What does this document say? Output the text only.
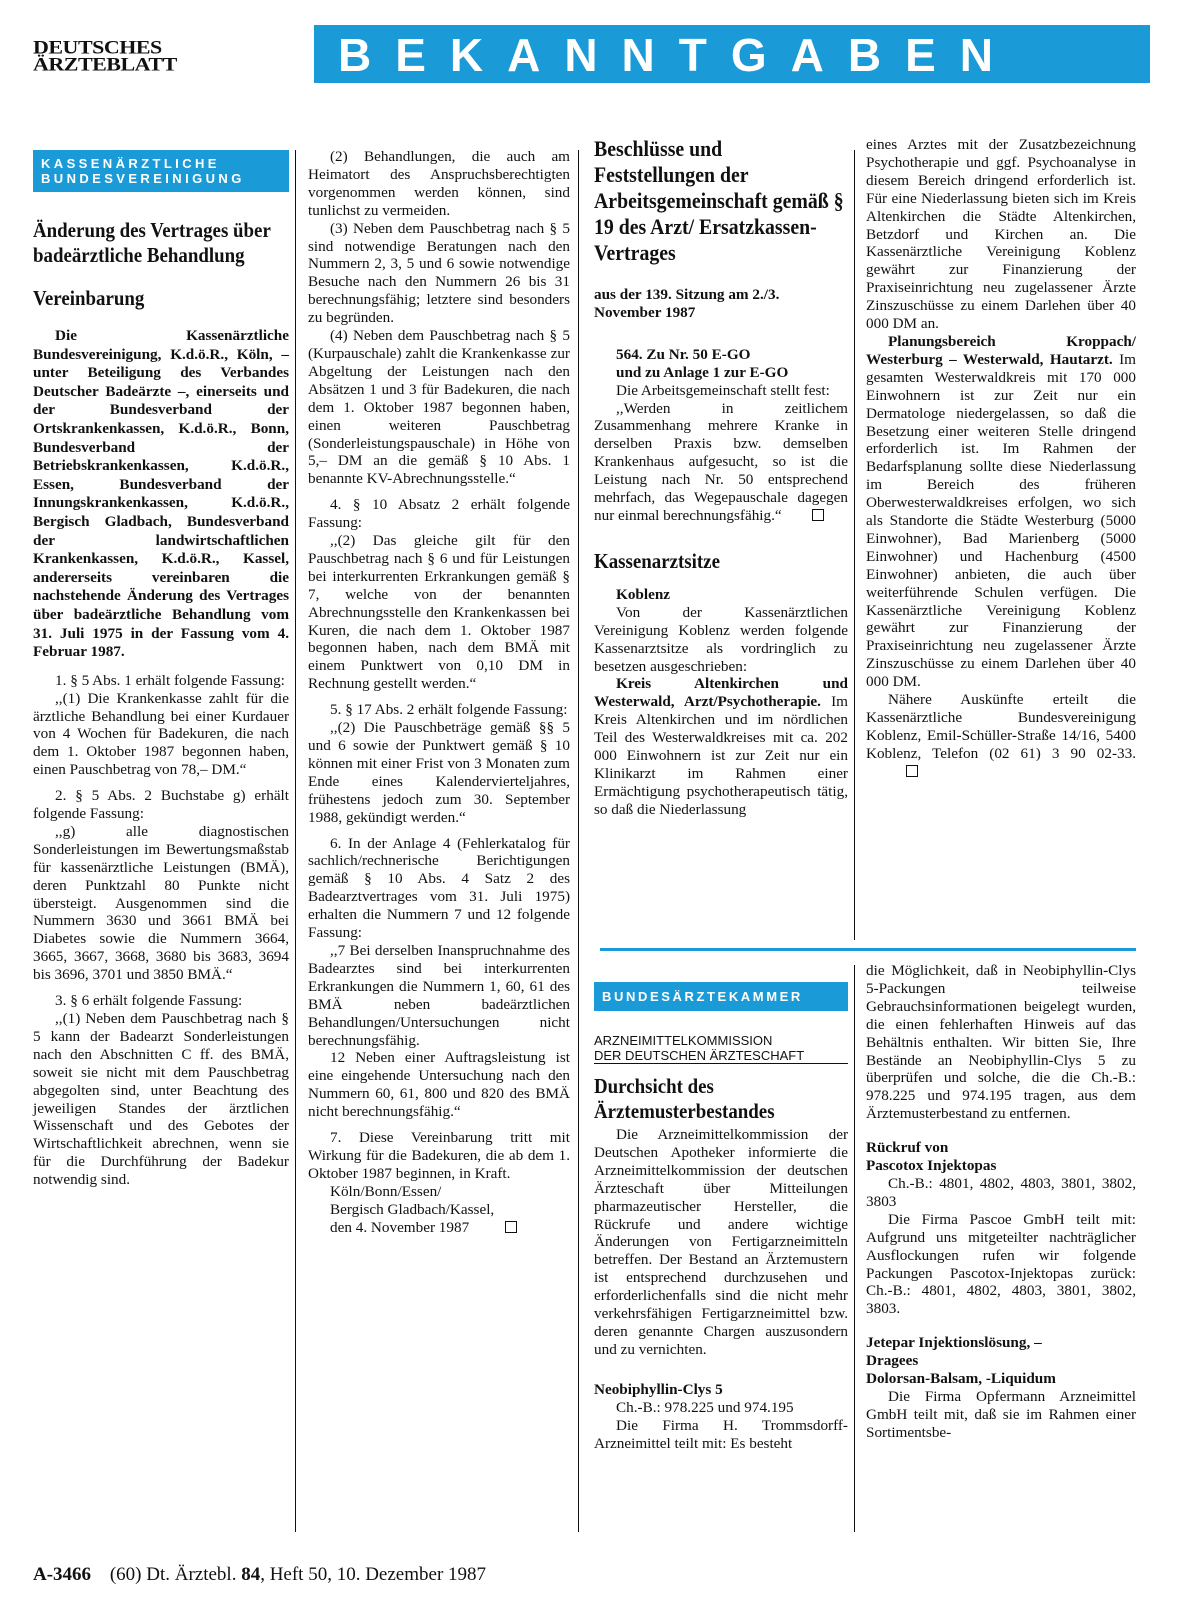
DEUTSCHES
ÄRZTEBLATT	BEKANNTGABEN
KASSENÄRZTLICHE
BUNDESVEREINIGUNG
Änderung des Vertrages über badeärztliche Behandlung
Vereinbarung

Die Kassenärztliche Bundesvereinigung, K.d.ö.R., Köln, – unter Beteiligung des Verbandes Deutscher Badeärzte –, einerseits und der Bundesverband der Ortskrankenkassen, K.d.ö.R., Bonn, Bundesverband der Betriebskrankenkassen, K.d.ö.R., Essen, Bundesverband der Innungskrankenkassen, K.d.ö.R., Bergisch Gladbach, Bundesverband der landwirtschaftlichen Krankenkassen, K.d.ö.R., Kassel, andererseits vereinbaren die nachstehende Änderung des Vertrages über badeärztliche Behandlung vom 31. Juli 1975 in der Fassung vom 4. Februar 1987.

1. § 5 Abs. 1 erhält folgende Fassung:

,,(1) Die Krankenkasse zahlt für die ärztliche Behandlung bei einer Kurdauer von 4 Wochen für Badekuren, die nach dem 1. Oktober 1987 begonnen haben, einen Pauschbetrag von 78,– DM.“

2. § 5 Abs. 2 Buchstabe g) erhält folgende Fassung:

,,g) alle diagnostischen Sonderleistungen im Bewertungsmaßstab für kassenärztliche Leistungen (BMÄ), deren Punktzahl 80 Punkte nicht übersteigt. Ausgenommen sind die Nummern 3630 und 3661 BMÄ bei Diabetes sowie die Nummern 3664, 3665, 3667, 3668, 3680 bis 3683, 3694 bis 3696, 3701 und 3850 BMÄ.“

3. § 6 erhält folgende Fassung:

,,(1) Neben dem Pauschbetrag nach § 5 kann der Badearzt Sonderleistungen nach den Abschnitten C ff. des BMÄ, soweit sie nicht mit dem Pauschbetrag abgegolten sind, unter Beachtung des jeweiligen Standes der ärztlichen Wissenschaft und des Gebotes der Wirtschaftlichkeit abrechnen, wenn sie für die Durchführung der Badekur notwendig sind.

(2) Behandlungen, die auch am Heimatort des Anspruchsberechtigten vorgenommen werden können, sind tunlichst zu vermeiden.

(3) Neben dem Pauschbetrag nach § 5 sind notwendige Beratungen nach den Nummern 2, 3, 5 und 6 sowie notwendige Besuche nach den Nummern 26 bis 31 berechnungsfähig; letztere sind besonders zu begründen.

(4) Neben dem Pauschbetrag nach § 5 (Kurpauschale) zahlt die Krankenkasse zur Abgeltung der Leistungen nach den Absätzen 1 und 3 für Badekuren, die nach dem 1. Oktober 1987 begonnen haben, einen weiteren Pauschbetrag (Sonderleistungspauschale) in Höhe von 5,– DM an die gemäß § 10 Abs. 1 benannte KV-Abrechnungsstelle.“

4. § 10 Absatz 2 erhält folgende Fassung:

,,(2) Das gleiche gilt für den Pauschbetrag nach § 6 und für Leistungen bei interkurrenten Erkrankungen gemäß § 7, welche von der benannten Abrechnungsstelle den Krankenkassen bei Kuren, die nach dem 1. Oktober 1987 begonnen haben, nach dem BMÄ mit einem Punktwert von 0,10 DM in Rechnung gestellt werden.“

5. § 17 Abs. 2 erhält folgende Fassung:

,,(2) Die Pauschbeträge gemäß §§ 5 und 6 sowie der Punktwert gemäß § 10 können mit einer Frist von 3 Monaten zum Ende eines Kalendervierteljahres, frühestens jedoch zum 30. September 1988, gekündigt werden.“

6. In der Anlage 4 (Fehlerkatalog für sachlich/rechnerische Berichtigungen gemäß § 10 Abs. 4 Satz 2 des Badearztvertrages vom 31. Juli 1975) erhalten die Nummern 7 und 12 folgende Fassung:

,,7 Bei derselben Inanspruchnahme des Badearztes sind bei interkurrenten Erkrankungen die Nummern 1, 60, 61 des BMÄ neben badeärztlichen Behandlungen/Untersuchungen nicht berechnungsfähig.

12 Neben einer Auftragsleistung ist eine eingehende Untersuchung nach den Nummern 60, 61, 800 und 820 des BMÄ nicht berechnungsfähig.“

7. Diese Vereinbarung tritt mit Wirkung für die Badekuren, die ab dem 1. Oktober 1987 beginnen, in Kraft.

Köln/Bonn/Essen/

Bergisch Gladbach/Kassel,

den 4. November 1987

Beschlüsse und Feststellungen der Arbeitsgemeinschaft gemäß § 19 des Arzt/ Ersatzkassen-Vertrages

aus der 139. Sitzung am 2./3. November 1987

564. Zu Nr. 50 E-GO

und zu Anlage 1 zur E-GO

Die Arbeitsgemeinschaft stellt fest:

,,Werden in zeitlichem Zusammenhang mehrere Kranke in derselben Praxis bzw. demselben Krankenhaus aufgesucht, so ist die Leistung nach Nr. 50 entsprechend mehrfach, das Wegepauschale dagegen nur einmal berechnungsfähig.“

Kassenarztsitze

Koblenz

Von der Kassenärztlichen Vereinigung Koblenz werden folgende Kassenarztsitze als vordringlich zu besetzen ausgeschrieben:

Kreis Altenkirchen und Westerwald, Arzt/Psychotherapie. Im Kreis Altenkirchen und im nördlichen Teil des Westerwaldkreises mit ca. 202 000 Einwohnern ist zur Zeit nur ein Klinikarzt im Rahmen einer Ermächtigung psychotherapeutisch tätig, so daß die Niederlassung

eines Arztes mit der Zusatzbezeichnung Psychotherapie und ggf. Psychoanalyse in diesem Bereich dringend erforderlich ist. Für eine Niederlassung bieten sich im Kreis Altenkirchen die Städte Altenkirchen, Betzdorf und Kirchen an. Die Kassenärztliche Vereinigung Koblenz gewährt zur Finanzierung der Praxiseinrichtung neu zugelassener Ärzte Zinszuschüsse zu einem Darlehen über 40 000 DM an.

Planungsbereich Kroppach/ Westerburg – Westerwald, Hautarzt. Im gesamten Westerwaldkreis mit 170 000 Einwohnern ist zur Zeit nur ein Dermatologe niedergelassen, so daß die Besetzung einer weiteren Stelle dringend erforderlich ist. Im Rahmen der Bedarfsplanung sollte diese Niederlassung im Bereich des früheren Oberwesterwaldkreises erfolgen, wo sich als Standorte die Städte Westerburg (5000 Einwohner), Bad Marienberg (5000 Einwohner) und Hachenburg (4500 Einwohner) anbieten, die auch über weiterführende Schulen verfügen. Die Kassenärztliche Vereinigung Koblenz gewährt zur Finanzierung der Praxiseinrichtung neu zugelassener Ärzte Zinszuschüsse zu einem Darlehen über 40 000 DM.

Nähere Auskünfte erteilt die Kassenärztliche Bundesvereinigung Koblenz, Emil-Schüller-Straße 14/16, 5400 Koblenz, Telefon (02 61) 3 90 02-33.

BUNDESÄRZTEKAMMER
ARZNEIMITTELKOMMISSION
DER DEUTSCHEN ÄRZTESCHAFT
Durchsicht des Ärztemusterbestandes

Die Arzneimittelkommission der Deutschen Apotheker informierte die Arzneimittelkommission der deutschen Ärzteschaft über Mitteilungen pharmazeutischer Hersteller, die Rückrufe und andere wichtige Änderungen von Fertigarzneimitteln betreffen. Der Bestand an Ärztemustern ist entsprechend durchzusehen und erforderlichenfalls sind die nicht mehr verkehrsfähigen Fertigarzneimittel bzw. deren genannte Chargen auszusondern und zu vernichten.

Neobiphyllin-Clys 5

Ch.-B.: 978.225 und 974.195

Die Firma H. Trommsdorff-Arzneimittel teilt mit: Es besteht

die Möglichkeit, daß in Neobiphyllin-Clys 5-Packungen teilweise Gebrauchsinformationen beigelegt wurden, die einen fehlerhaften Hinweis auf das Behältnis enthalten. Wir bitten Sie, Ihre Bestände an Neobiphyllin-Clys 5 zu überprüfen und solche, die die Ch.-B.: 978.225 und 974.195 tragen, aus dem Ärztemusterbestand zu entfernen.

Rückruf von

Pascotox Injektopas

Ch.-B.: 4801, 4802, 4803, 3801, 3802, 3803

Die Firma Pascoe GmbH teilt mit: Aufgrund uns mitgeteilter nachträglicher Ausflockungen rufen wir folgende Packungen Pascotox-Injektopas zurück: Ch.-B.: 4801, 4802, 4803, 3801, 3802, 3803.

Jetepar Injektionslösung, –

Dragees

Dolorsan-Balsam, -Liquidum

Die Firma Opfermann Arzneimittel GmbH teilt mit, daß sie im Rahmen einer Sortimentsbe-

A-3466 (60) Dt. Ärztebl. 84, Heft 50, 10. Dezember 1987
